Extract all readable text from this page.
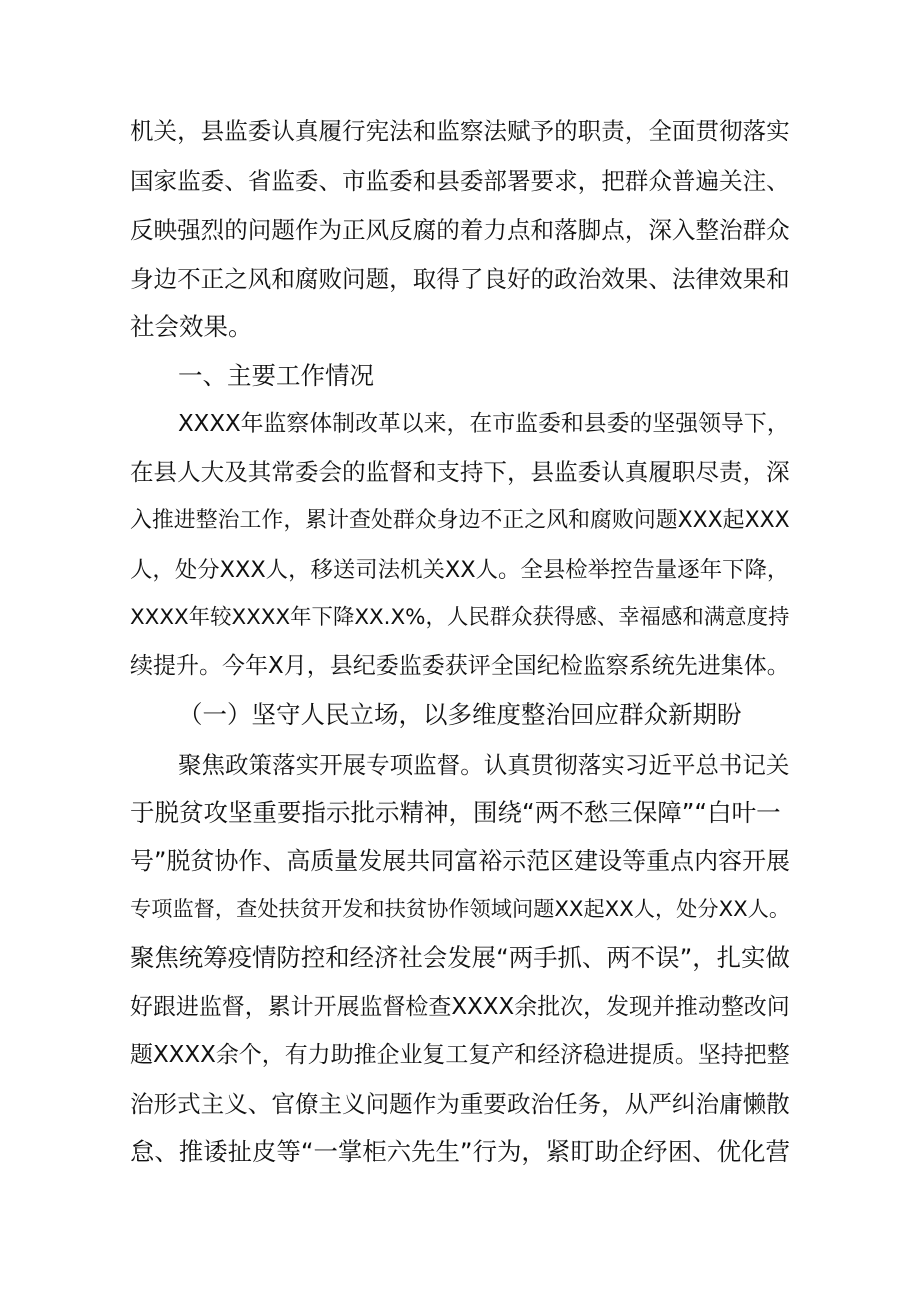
机关，县监委认真履行宪法和监察法赋予的职责，全面贯彻落实
国家监委、省监委、市监委和县委部署要求，把群众普遍关注、
反映强烈的问题作为正风反腐的着力点和落脚点，深入整治群众
身边不正之风和腐败问题，取得了良好的政治效果、法律效果和
社会效果。
一、主要工作情况
XXXX年监察体制改革以来，在市监委和县委的坚强领导下，
在县人大及其常委会的监督和支持下，县监委认真履职尽责，深
入推进整治工作，累计查处群众身边不正之风和腐败问题XXX起XXX
人，处分XXX人，移送司法机关XX人。全县检举控告量逐年下降，
XXXX年较XXXX年下降XX.X%，人民群众获得感、幸福感和满意度持
续提升。今年X月，县纪委监委获评全国纪检监察系统先进集体。
（一）坚守人民立场，以多维度整治回应群众新期盼
聚焦政策落实开展专项监督。认真贯彻落实习近平总书记关
于脱贫攻坚重要指示批示精神，围绕“两不愁三保障”“白叶一
号”脱贫协作、高质量发展共同富裕示范区建设等重点内容开展
专项监督，查处扶贫开发和扶贫协作领域问题XX起XX人，处分XX人。
聚焦统筹疫情防控和经济社会发展“两手抓、两不误”，扎实做
好跟进监督，累计开展监督检查XXXX余批次，发现并推动整改问
题XXXX余个，有力助推企业复工复产和经济稳进提质。坚持把整
治形式主义、官僚主义问题作为重要政治任务，从严纠治庸懒散
怠、推诿扯皮等“一掌柜六先生”行为，紧盯助企纾困、优化营
